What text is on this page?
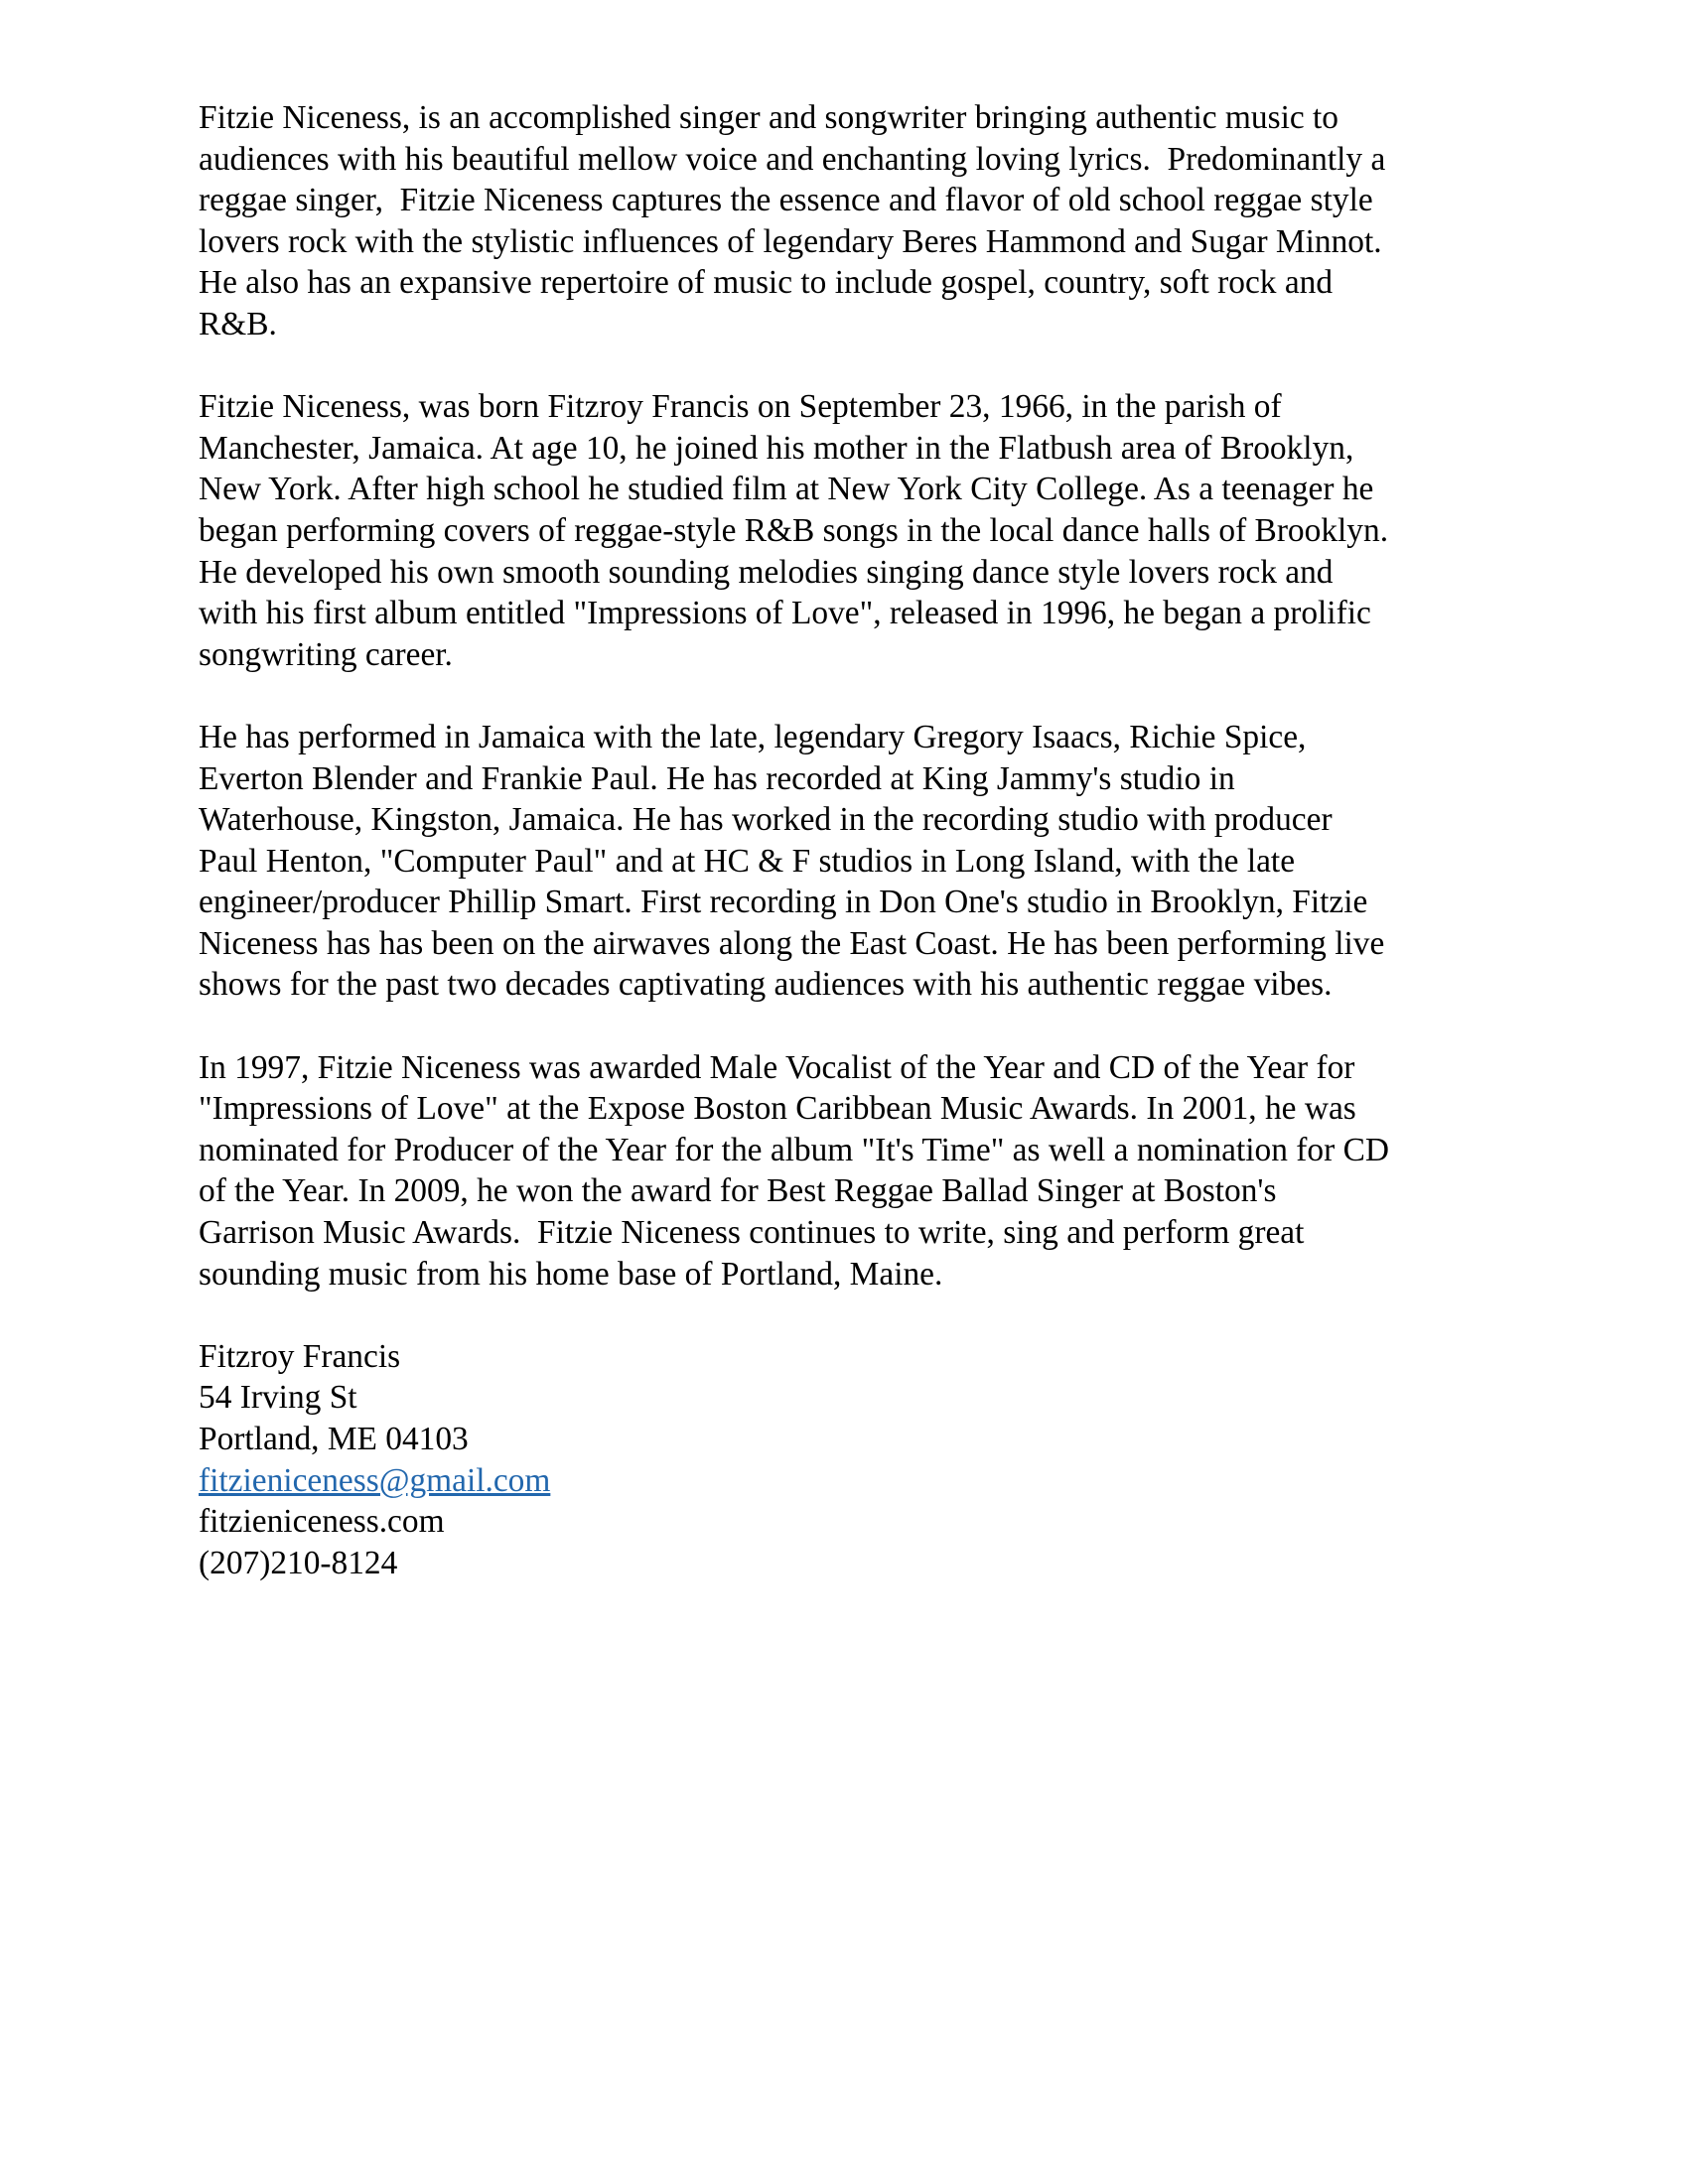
Fitzie Niceness, is an accomplished singer and songwriter bringing authentic music to
audiences with his beautiful mellow voice and enchanting loving lyrics.  Predominantly a
reggae singer,  Fitzie Niceness captures the essence and flavor of old school reggae style
lovers rock with the stylistic influences of legendary Beres Hammond and Sugar Minnot.
He also has an expansive repertoire of music to include gospel, country, soft rock and
R&B.
Fitzie Niceness, was born Fitzroy Francis on September 23, 1966, in the parish of
Manchester, Jamaica. At age 10, he joined his mother in the Flatbush area of Brooklyn,
New York. After high school he studied film at New York City College. As a teenager he
began performing covers of reggae-style R&B songs in the local dance halls of Brooklyn.
He developed his own smooth sounding melodies singing dance style lovers rock and
with his first album entitled "Impressions of Love", released in 1996, he began a prolific
songwriting career.
He has performed in Jamaica with the late, legendary Gregory Isaacs, Richie Spice,
Everton Blender and Frankie Paul. He has recorded at King Jammy's studio in
Waterhouse, Kingston, Jamaica. He has worked in the recording studio with producer
Paul Henton, "Computer Paul" and at HC & F studios in Long Island, with the late
engineer/producer Phillip Smart. First recording in Don One's studio in Brooklyn, Fitzie
Niceness has has been on the airwaves along the East Coast. He has been performing live
shows for the past two decades captivating audiences with his authentic reggae vibes.
In 1997, Fitzie Niceness was awarded Male Vocalist of the Year and CD of the Year for
"Impressions of Love" at the Expose Boston Caribbean Music Awards. In 2001, he was
nominated for Producer of the Year for the album "It's Time" as well a nomination for CD
of the Year. In 2009, he won the award for Best Reggae Ballad Singer at Boston's
Garrison Music Awards.  Fitzie Niceness continues to write, sing and perform great
sounding music from his home base of Portland, Maine.
Fitzroy Francis
54 Irving St
Portland, ME 04103
fitzieniceness@gmail.com
fitzieniceness.com
(207)210-8124
